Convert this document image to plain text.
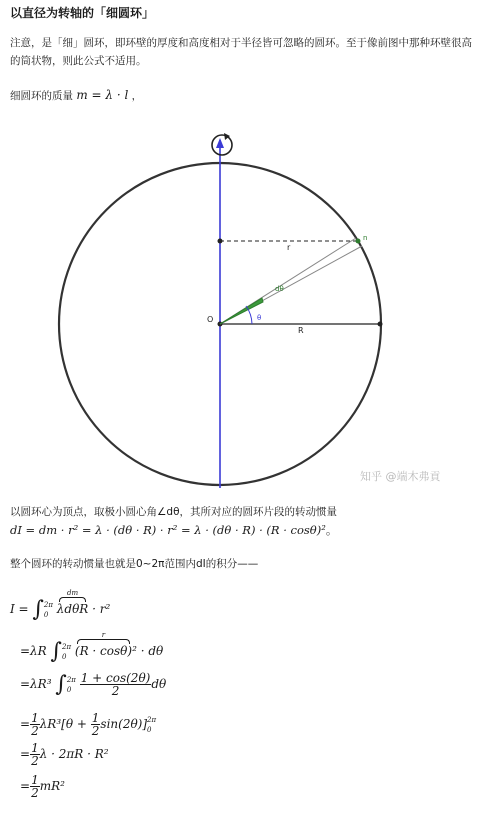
以直径为转轴的「细圆环」
注意，是「细」圆环，即环壁的厚度和高度相对于半径皆可忽略的圆环。至于像前图中那种环壁很高的筒状物，则此公式不适用。
细圆环的质量 m = λ · l ，
O
R
r
θ
dθ
n
知乎 @端木弗貢
以圆环心为顶点，取极小圆心角∠dθ，其所对应的圆环片段的转动惯量
dI = dm · r² = λ · (dθ · R) · r² = λ · (dθ · R) · (R · cosθ)²。
整个圆环的转动惯量也就是0~2π范围内dI的积分——
I = ∫ 2π
0

dm
λdθR · r²
=λR ∫ 2π
0

r
(R · cosθ)² · dθ
=λR³ ∫ 2π
0
$\frac{1 + \cos(2\theta)}{2}$ dθ
= $\frac{1}{2} \lambda R^3[\theta + \frac{1}{2} \sin(2\theta)]$ 2π
0
= $\frac{1}{2}$ λ · 2πR · R²
= $\frac{1}{2} mR^2$
